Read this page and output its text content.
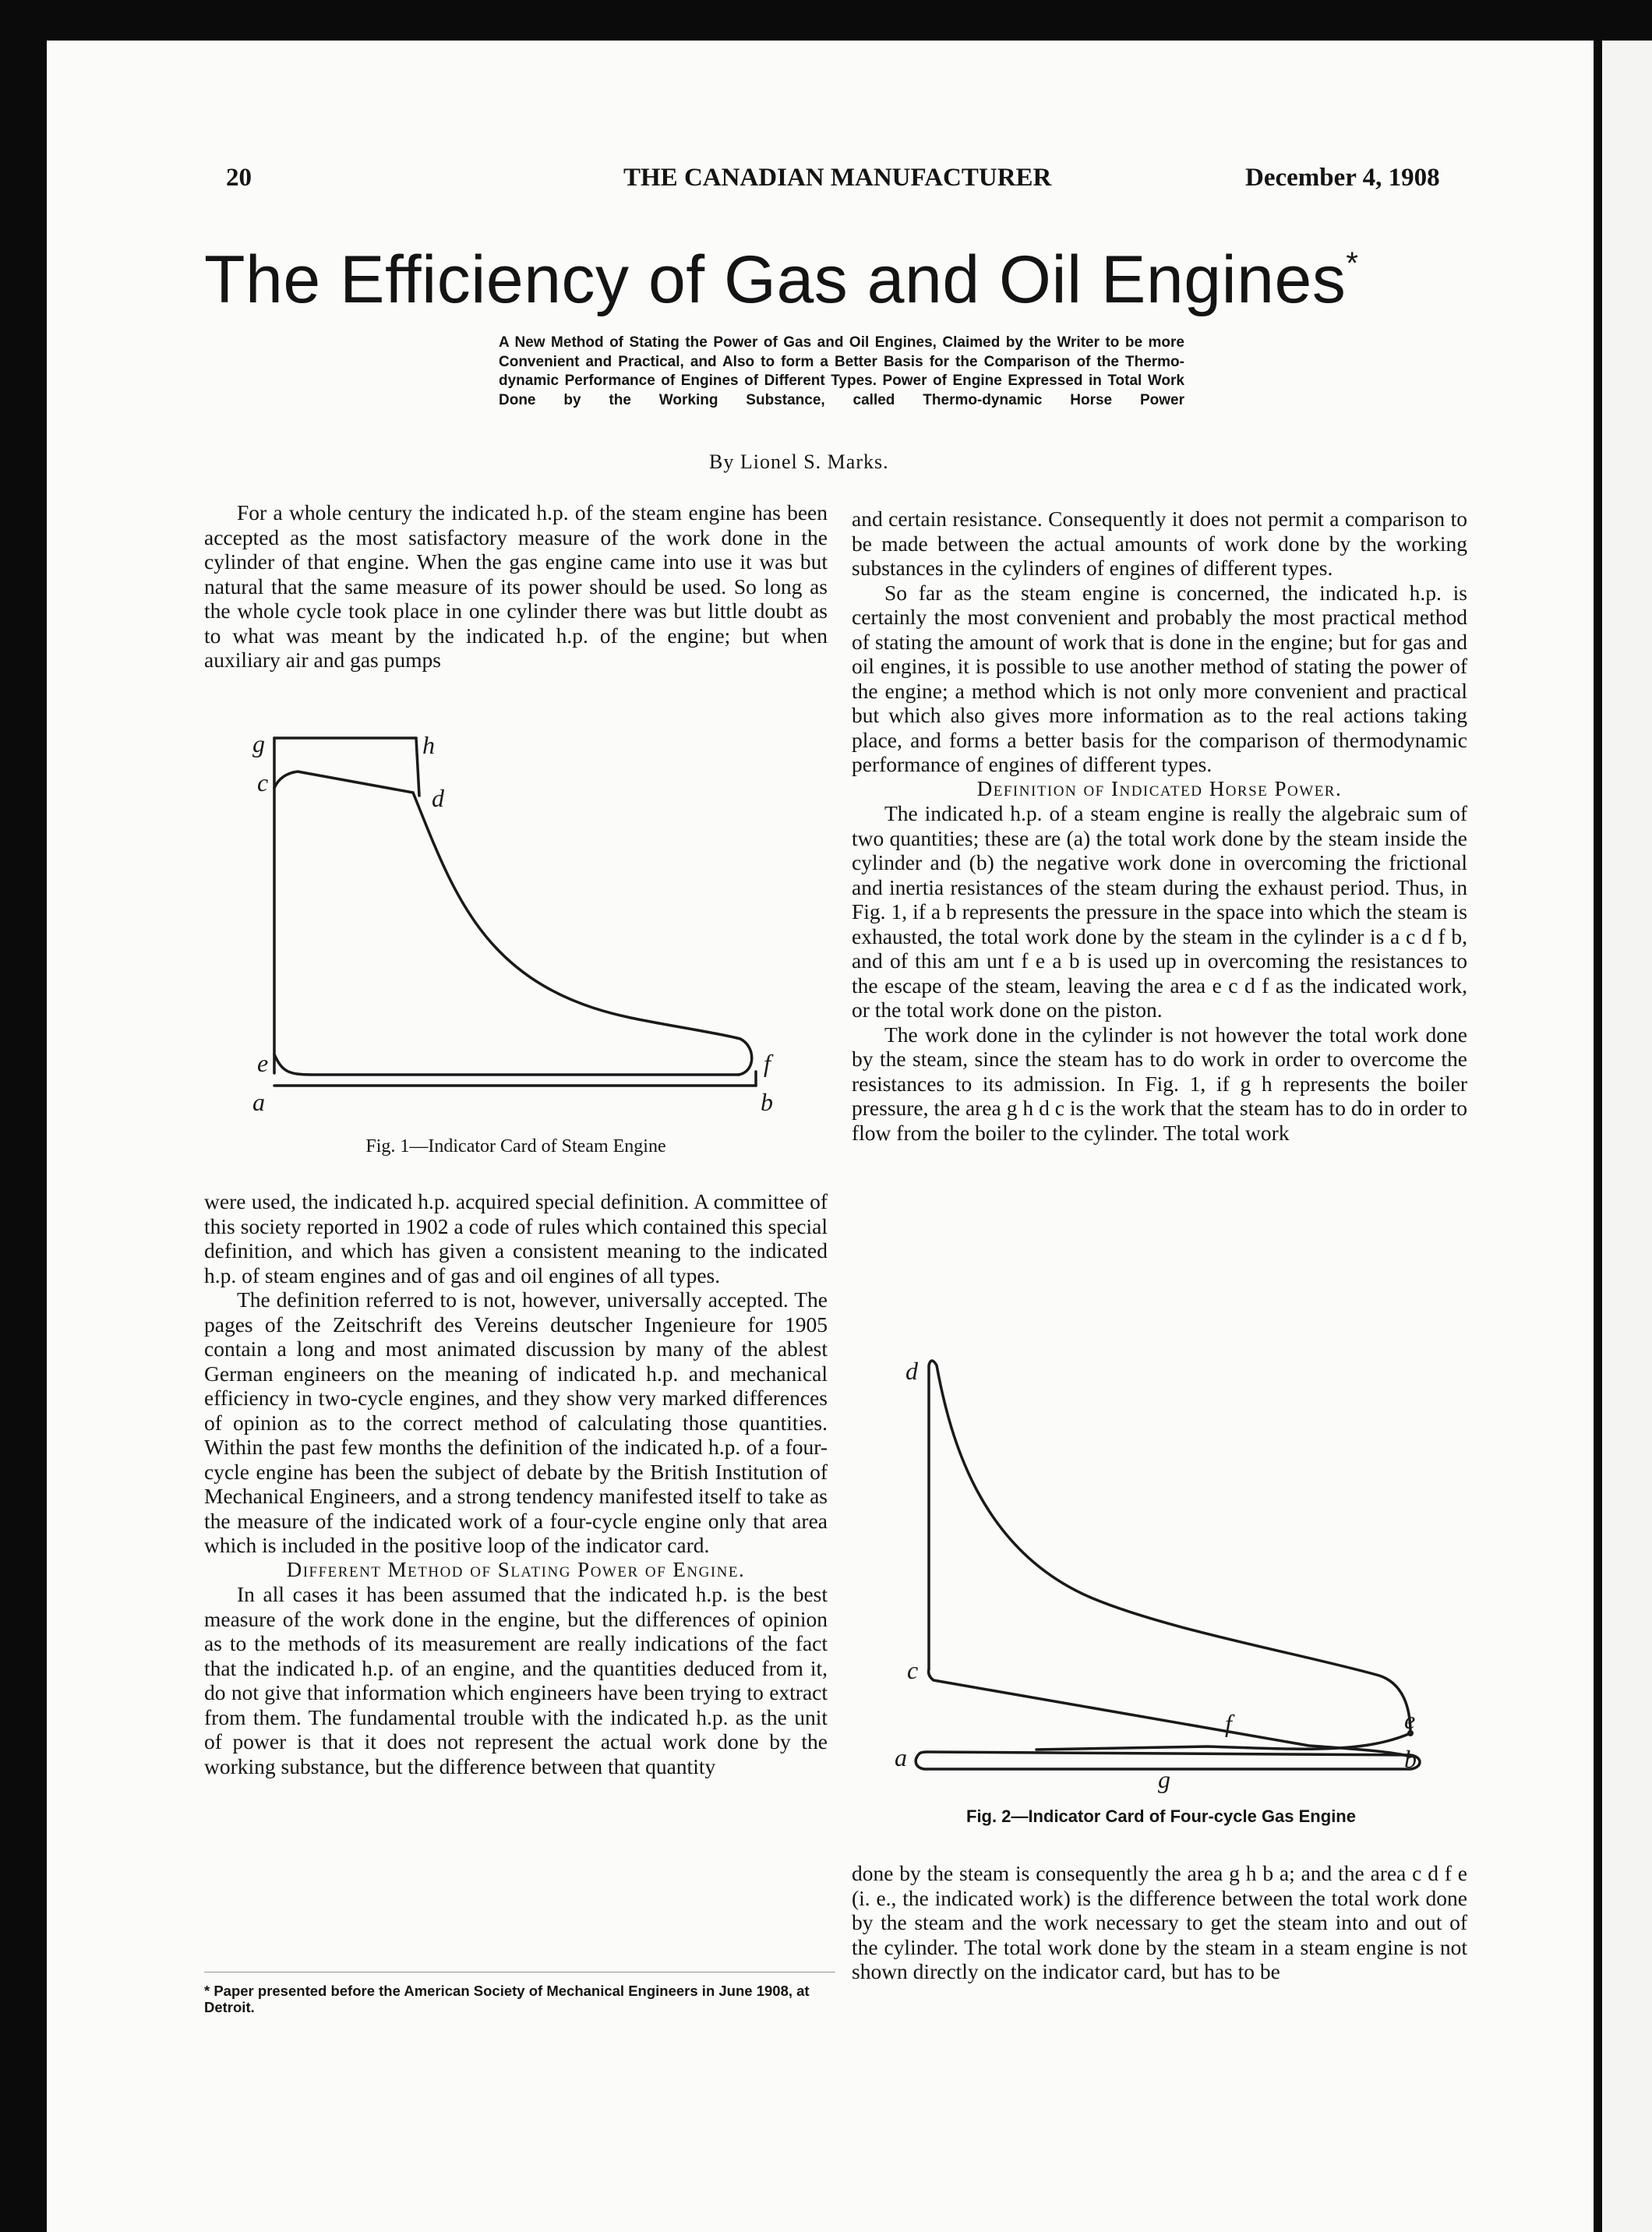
20	THE CANADIAN MANUFACTURER	December 4, 1908
The Efficiency of Gas and Oil Engines*
A New Method of Stating the Power of Gas and Oil Engines, Claimed by the Writer to be more Convenient and Practical, and Also to form a Better Basis for the Comparison of the Thermo-dynamic Performance of Engines of Different Types. Power of Engine Expressed in Total Work Done by the Working Substance, called Thermo-dynamic Horse Power
By Lionel S. Marks.

For a whole century the indicated h.p. of the steam engine has been accepted as the most satisfactory measure of the work done in the cylinder of that engine. When the gas engine came into use it was but natural that the same measure of its power should be used. So long as the whole cycle took place in one cylinder there was but little doubt as to what was meant by the indicated h.p. of the engine; but when auxiliary air and gas pumps

g	h
c
d
e	f
a	b
Fig. 1—Indicator Card of Steam Engine

were used, the indicated h.p. acquired special definition. A committee of this society reported in 1902 a code of rules which contained this special definition, and which has given a consistent meaning to the indicated h.p. of steam engines and of gas and oil engines of all types.

The definition referred to is not, however, universally accepted. The pages of the Zeitschrift des Vereins deutscher Ingenieure for 1905 contain a long and most animated discussion by many of the ablest German engineers on the meaning of indicated h.p. and mechanical efficiency in two-cycle engines, and they show very marked differences of opinion as to the correct method of calculating those quantities. Within the past few months the definition of the indicated h.p. of a four-cycle engine has been the subject of debate by the British Institution of Mechanical Engineers, and a strong tendency manifested itself to take as the measure of the indicated work of a four-cycle engine only that area which is included in the positive loop of the indicator card.

Different Method of Slating Power of Engine.

In all cases it has been assumed that the indicated h.p. is the best measure of the work done in the engine, but the differences of opinion as to the methods of its measurement are really indications of the fact that the indicated h.p. of an engine, and the quantities deduced from it, do not give that information which engineers have been trying to extract from them. The fundamental trouble with the indicated h.p. as the unit of power is that it does not represent the actual work done by the working substance, but the difference between that quantity

* Paper presented before the American Society of Mechanical Engineers in June 1908, at Detroit.

and certain resistance. Consequently it does not permit a comparison to be made between the actual amounts of work done by the working substances in the cylinders of engines of different types.

So far as the steam engine is concerned, the indicated h.p. is certainly the most convenient and probably the most practical method of stating the amount of work that is done in the engine; but for gas and oil engines, it is possible to use another method of stating the power of the engine; a method which is not only more convenient and practical but which also gives more information as to the real actions taking place, and forms a better basis for the comparison of thermodynamic performance of engines of different types.

Definition of Indicated Horse Power.

The indicated h.p. of a steam engine is really the algebraic sum of two quantities; these are (a) the total work done by the steam inside the cylinder and (b) the negative work done in overcoming the frictional and inertia resistances of the steam during the exhaust period. Thus, in Fig. 1, if a b represents the pressure in the space into which the steam is exhausted, the total work done by the steam in the cylinder is a c d f b, and of this am unt f e a b is used up in overcoming the resistances to the escape of the steam, leaving the area e c d f as the indicated work, or the total work done on the piston.

The work done in the cylinder is not however the total work done by the steam, since the steam has to do work in order to overcome the resistances to its admission. In Fig. 1, if g h represents the boiler pressure, the area g h d c is the work that the steam has to do in order to flow from the boiler to the cylinder. The total work

d
c
f	e
a	b
g
Fig. 2—Indicator Card of Four-cycle Gas Engine

done by the steam is consequently the area g h b a; and the area c d f e (i. e., the indicated work) is the difference between the total work done by the steam and the work necessary to get the steam into and out of the cylinder. The total work done by the steam in a steam engine is not shown directly on the indicator card, but has to be
